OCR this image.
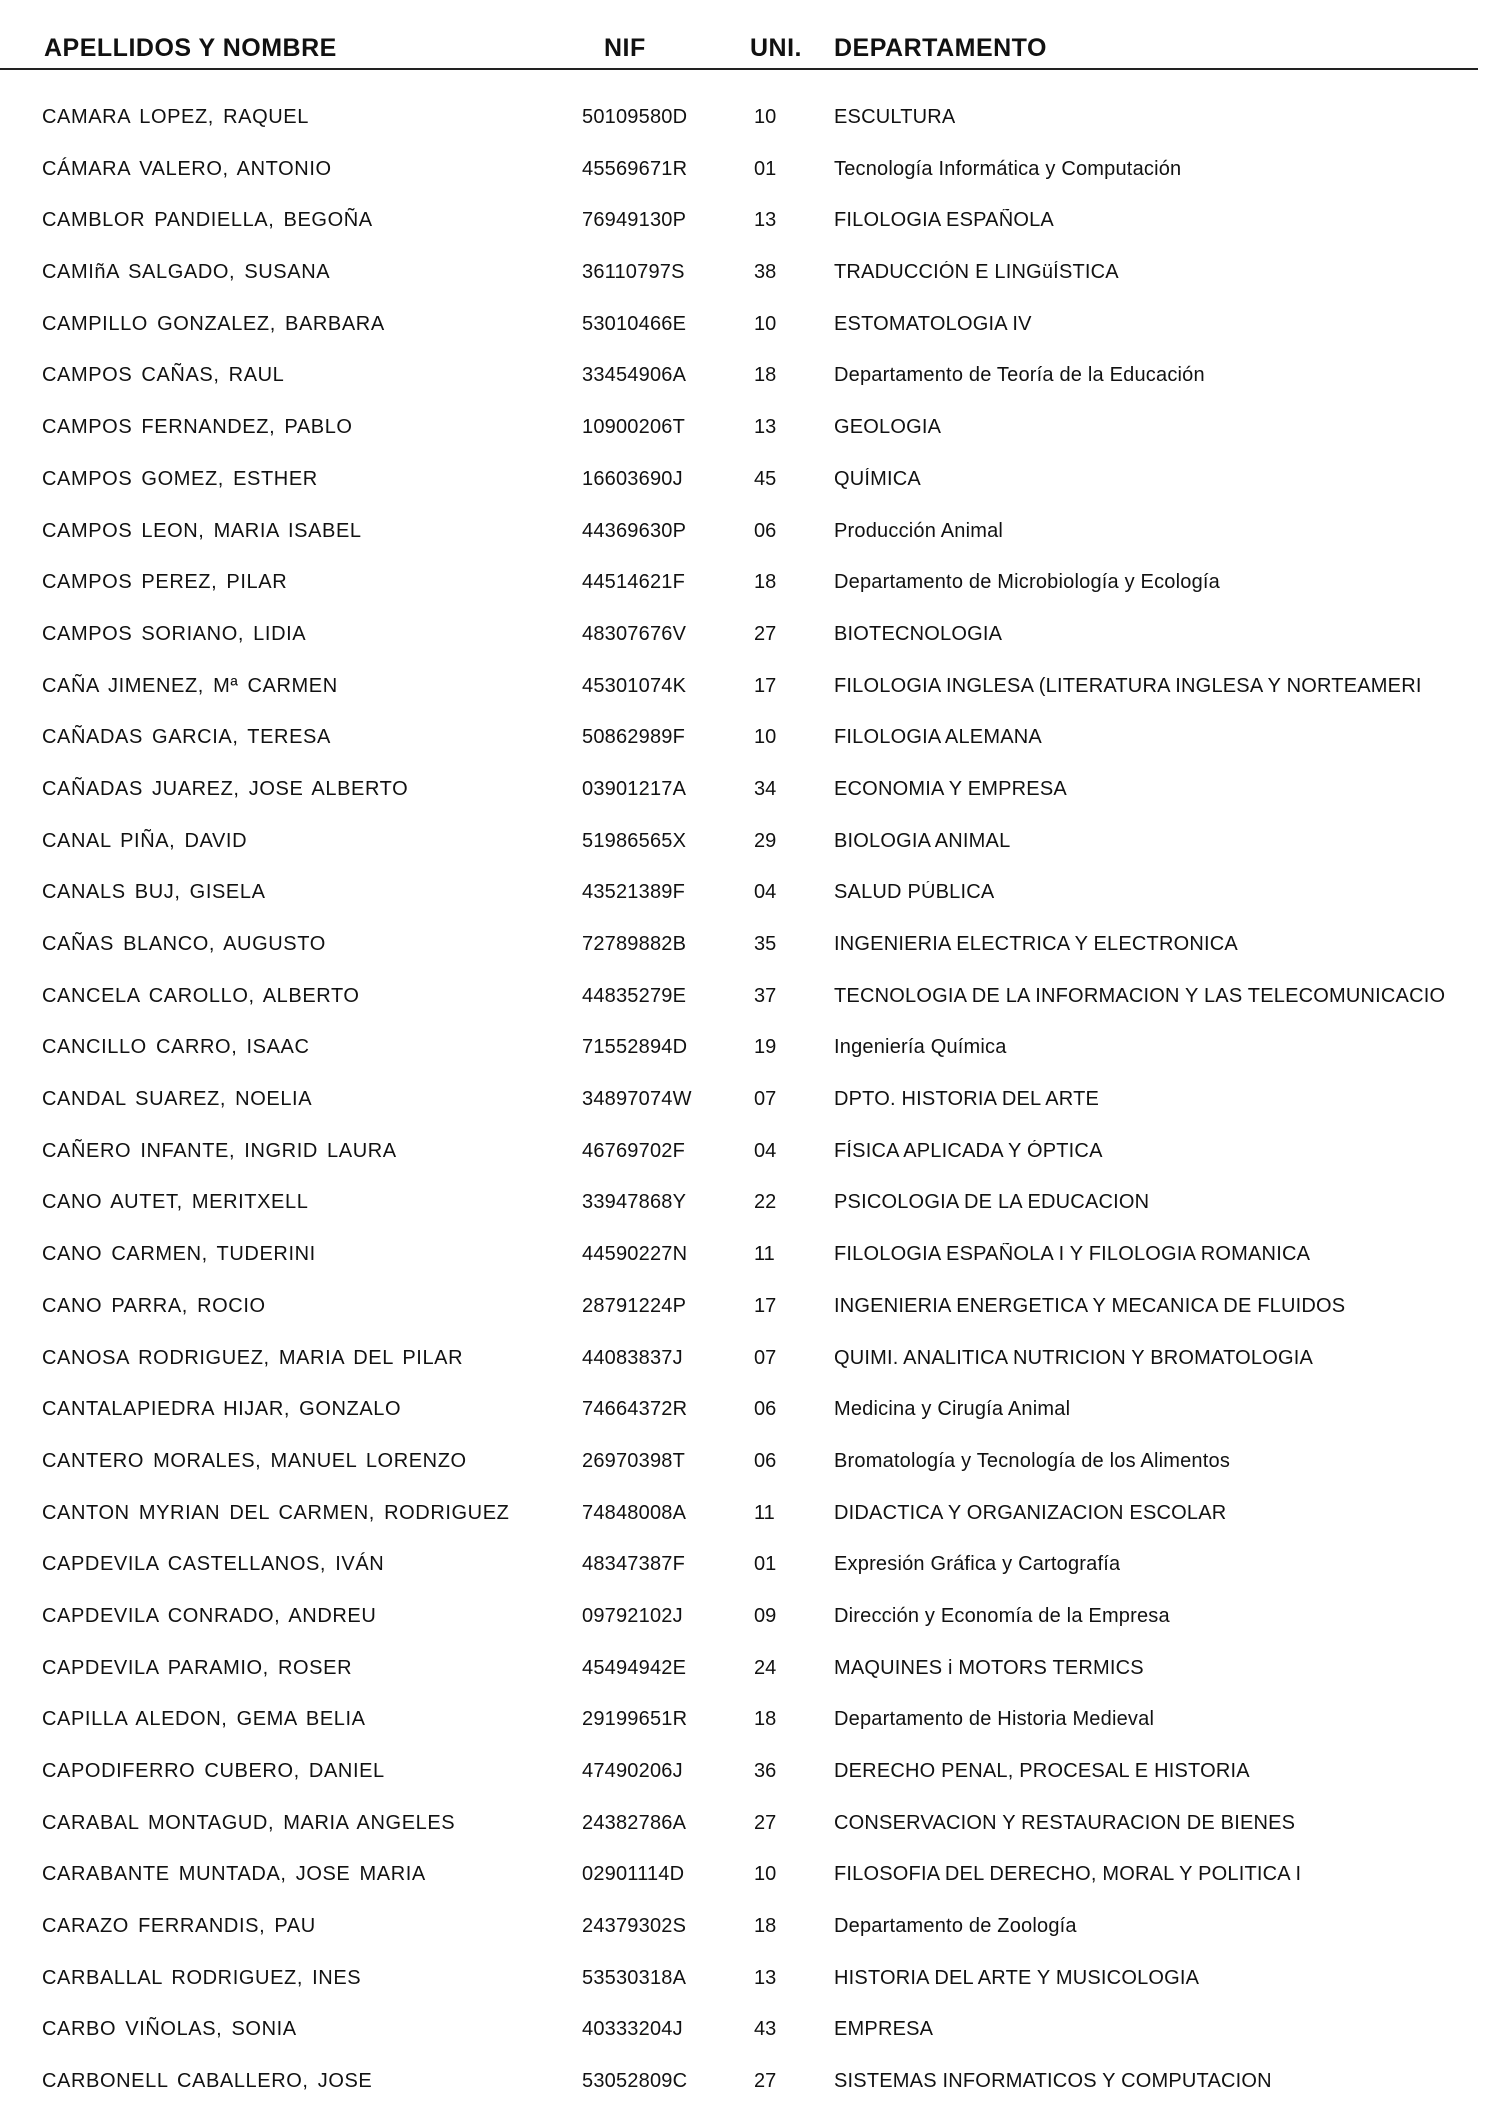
APELLIDOS Y NOMBRE	NIF	UNI. DEPARTAMENTO
CAMARA LOPEZ, RAQUEL	50109580D	10	ESCULTURA
CÁMARA VALERO, ANTONIO	45569671R	01	Tecnología Informática y Computación
CAMBLOR PANDIELLA, BEGOÑA	76949130P	13	FILOLOGIA ESPAÑOLA
CAMIñA SALGADO, SUSANA	36110797S	38	TRADUCCIÓN E LINGüÍSTICA
CAMPILLO GONZALEZ, BARBARA	53010466E	10	ESTOMATOLOGIA IV
CAMPOS CAÑAS, RAUL	33454906A	18	Departamento de Teoría de la Educación
CAMPOS FERNANDEZ, PABLO	10900206T	13	GEOLOGIA
CAMPOS GOMEZ, ESTHER	16603690J	45	QUÍMICA
CAMPOS LEON, MARIA ISABEL	44369630P	06	Producción Animal
CAMPOS PEREZ, PILAR	44514621F	18	Departamento de Microbiología y Ecología
CAMPOS SORIANO, LIDIA	48307676V	27	BIOTECNOLOGIA
CAÑA JIMENEZ, Mª CARMEN	45301074K	17	FILOLOGIA INGLESA (LITERATURA INGLESA Y NORTEAMERI
CAÑADAS GARCIA, TERESA	50862989F	10	FILOLOGIA ALEMANA
CAÑADAS JUAREZ, JOSE ALBERTO	03901217A	34	ECONOMIA Y EMPRESA
CANAL PIÑA, DAVID	51986565X	29	BIOLOGIA ANIMAL
CANALS BUJ, GISELA	43521389F	04	SALUD PÚBLICA
CAÑAS BLANCO, AUGUSTO	72789882B	35	INGENIERIA ELECTRICA Y ELECTRONICA
CANCELA CAROLLO, ALBERTO	44835279E	37	TECNOLOGIA DE LA INFORMACION Y LAS TELECOMUNICACIO
CANCILLO CARRO, ISAAC	71552894D	19	Ingeniería Química
CANDAL SUAREZ, NOELIA	34897074W	07	DPTO. HISTORIA DEL ARTE
CAÑERO INFANTE, INGRID LAURA	46769702F	04	FÍSICA APLICADA Y ÓPTICA
CANO AUTET, MERITXELL	33947868Y	22	PSICOLOGIA DE LA EDUCACION
CANO CARMEN, TUDERINI	44590227N	11	FILOLOGIA ESPAÑOLA I Y FILOLOGIA ROMANICA
CANO PARRA, ROCIO	28791224P	17	INGENIERIA ENERGETICA Y MECANICA DE FLUIDOS
CANOSA RODRIGUEZ, MARIA DEL PILAR	44083837J	07	QUIMI. ANALITICA NUTRICION Y BROMATOLOGIA
CANTALAPIEDRA HIJAR, GONZALO	74664372R	06	Medicina y Cirugía Animal
CANTERO MORALES, MANUEL LORENZO	26970398T	06	Bromatología y Tecnología de los Alimentos
CANTON MYRIAN DEL CARMEN, RODRIGUEZ	74848008A	11	DIDACTICA Y ORGANIZACION ESCOLAR
CAPDEVILA CASTELLANOS, IVÁN	48347387F	01	Expresión Gráfica y Cartografía
CAPDEVILA CONRADO, ANDREU	09792102J	09	Dirección y Economía de la Empresa
CAPDEVILA PARAMIO, ROSER	45494942E	24	MAQUINES i MOTORS TERMICS
CAPILLA ALEDON, GEMA BELIA	29199651R	18	Departamento de Historia Medieval
CAPODIFERRO CUBERO, DANIEL	47490206J	36	DERECHO PENAL, PROCESAL E HISTORIA
CARABAL MONTAGUD, MARIA ANGELES	24382786A	27	CONSERVACION Y RESTAURACION DE BIENES
CARABANTE MUNTADA, JOSE MARIA	02901114D	10	FILOSOFIA DEL DERECHO, MORAL Y POLITICA I
CARAZO FERRANDIS, PAU	24379302S	18	Departamento de Zoología
CARBALLAL RODRIGUEZ, INES	53530318A	13	HISTORIA DEL ARTE Y MUSICOLOGIA
CARBO VIÑOLAS, SONIA	40333204J	43	EMPRESA
CARBONELL CABALLERO, JOSE	53052809C	27	SISTEMAS INFORMATICOS Y COMPUTACION
